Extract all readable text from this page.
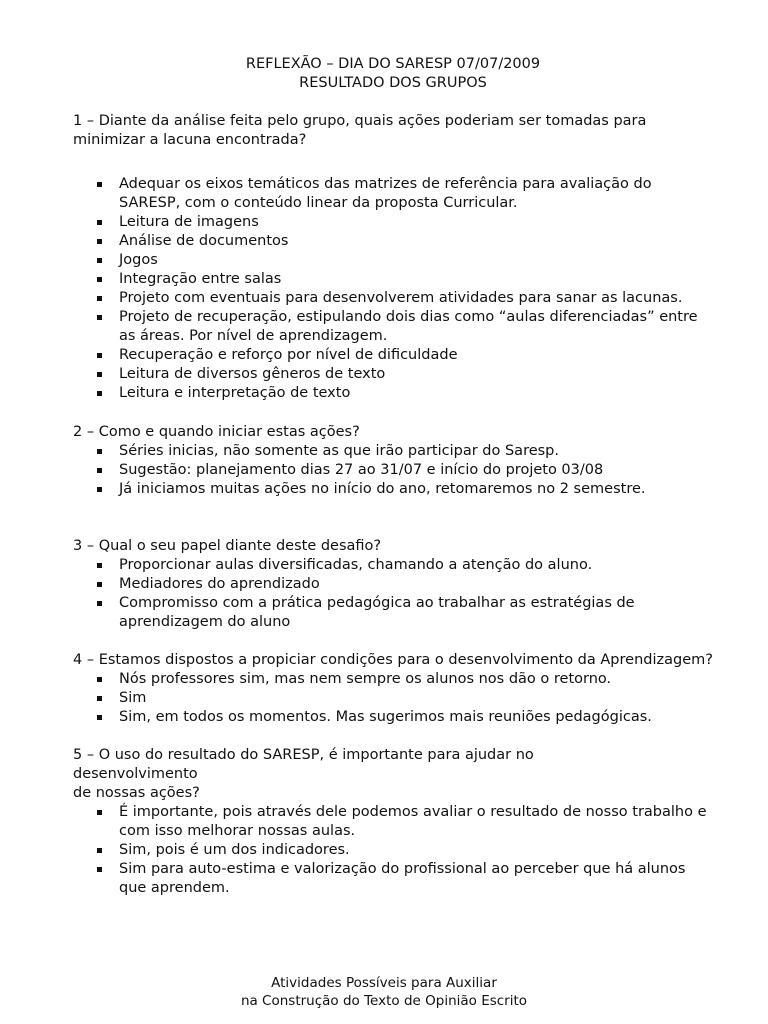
REFLEXÃO – DIA DO SARESP 07/07/2009
RESULTADO DOS GRUPOS

1 – Diante da análise feita pelo grupo, quais ações poderiam ser tomadas para minimizar a lacuna encontrada?

Adequar os eixos temáticos das matrizes de referência para avaliação do SARESP, com o conteúdo linear da proposta Curricular.
Leitura de imagens
Análise de documentos
Jogos
Integração entre salas
Projeto com eventuais para desenvolverem atividades para sanar as lacunas.
Projeto de recuperação, estipulando dois dias como “aulas diferenciadas” entre as áreas. Por nível de aprendizagem.
Recuperação e reforço por nível de dificuldade
Leitura de diversos gêneros de texto
Leitura e interpretação de texto

2 – Como e quando iniciar estas ações?

Séries inicias, não somente as que irão participar do Saresp.
Sugestão: planejamento dias 27 ao 31/07 e início do projeto 03/08
Já iniciamos muitas ações no início do ano, retomaremos no 2 semestre.

3 – Qual o seu papel diante deste desafio?

Proporcionar aulas diversificadas, chamando a atenção do aluno.
Mediadores do aprendizado
Compromisso com a prática pedagógica ao trabalhar as estratégias de aprendizagem do aluno

4 – Estamos dispostos a propiciar condições para o desenvolvimento da Aprendizagem?

Nós professores sim, mas nem sempre os alunos nos dão o retorno.
Sim
Sim, em todos os momentos. Mas sugerimos mais reuniões pedagógicas.

5 – O uso do resultado do SARESP, é importante para ajudar no
desenvolvimento
de nossas ações?

É importante, pois através dele podemos avaliar o resultado de nosso trabalho e com isso melhorar nossas aulas.
Sim, pois é um dos indicadores.
Sim para auto-estima e valorização do profissional ao perceber que há alunos que aprendem.
Atividades Possíveis para Auxiliar
na Construção do Texto de Opinião Escrito
